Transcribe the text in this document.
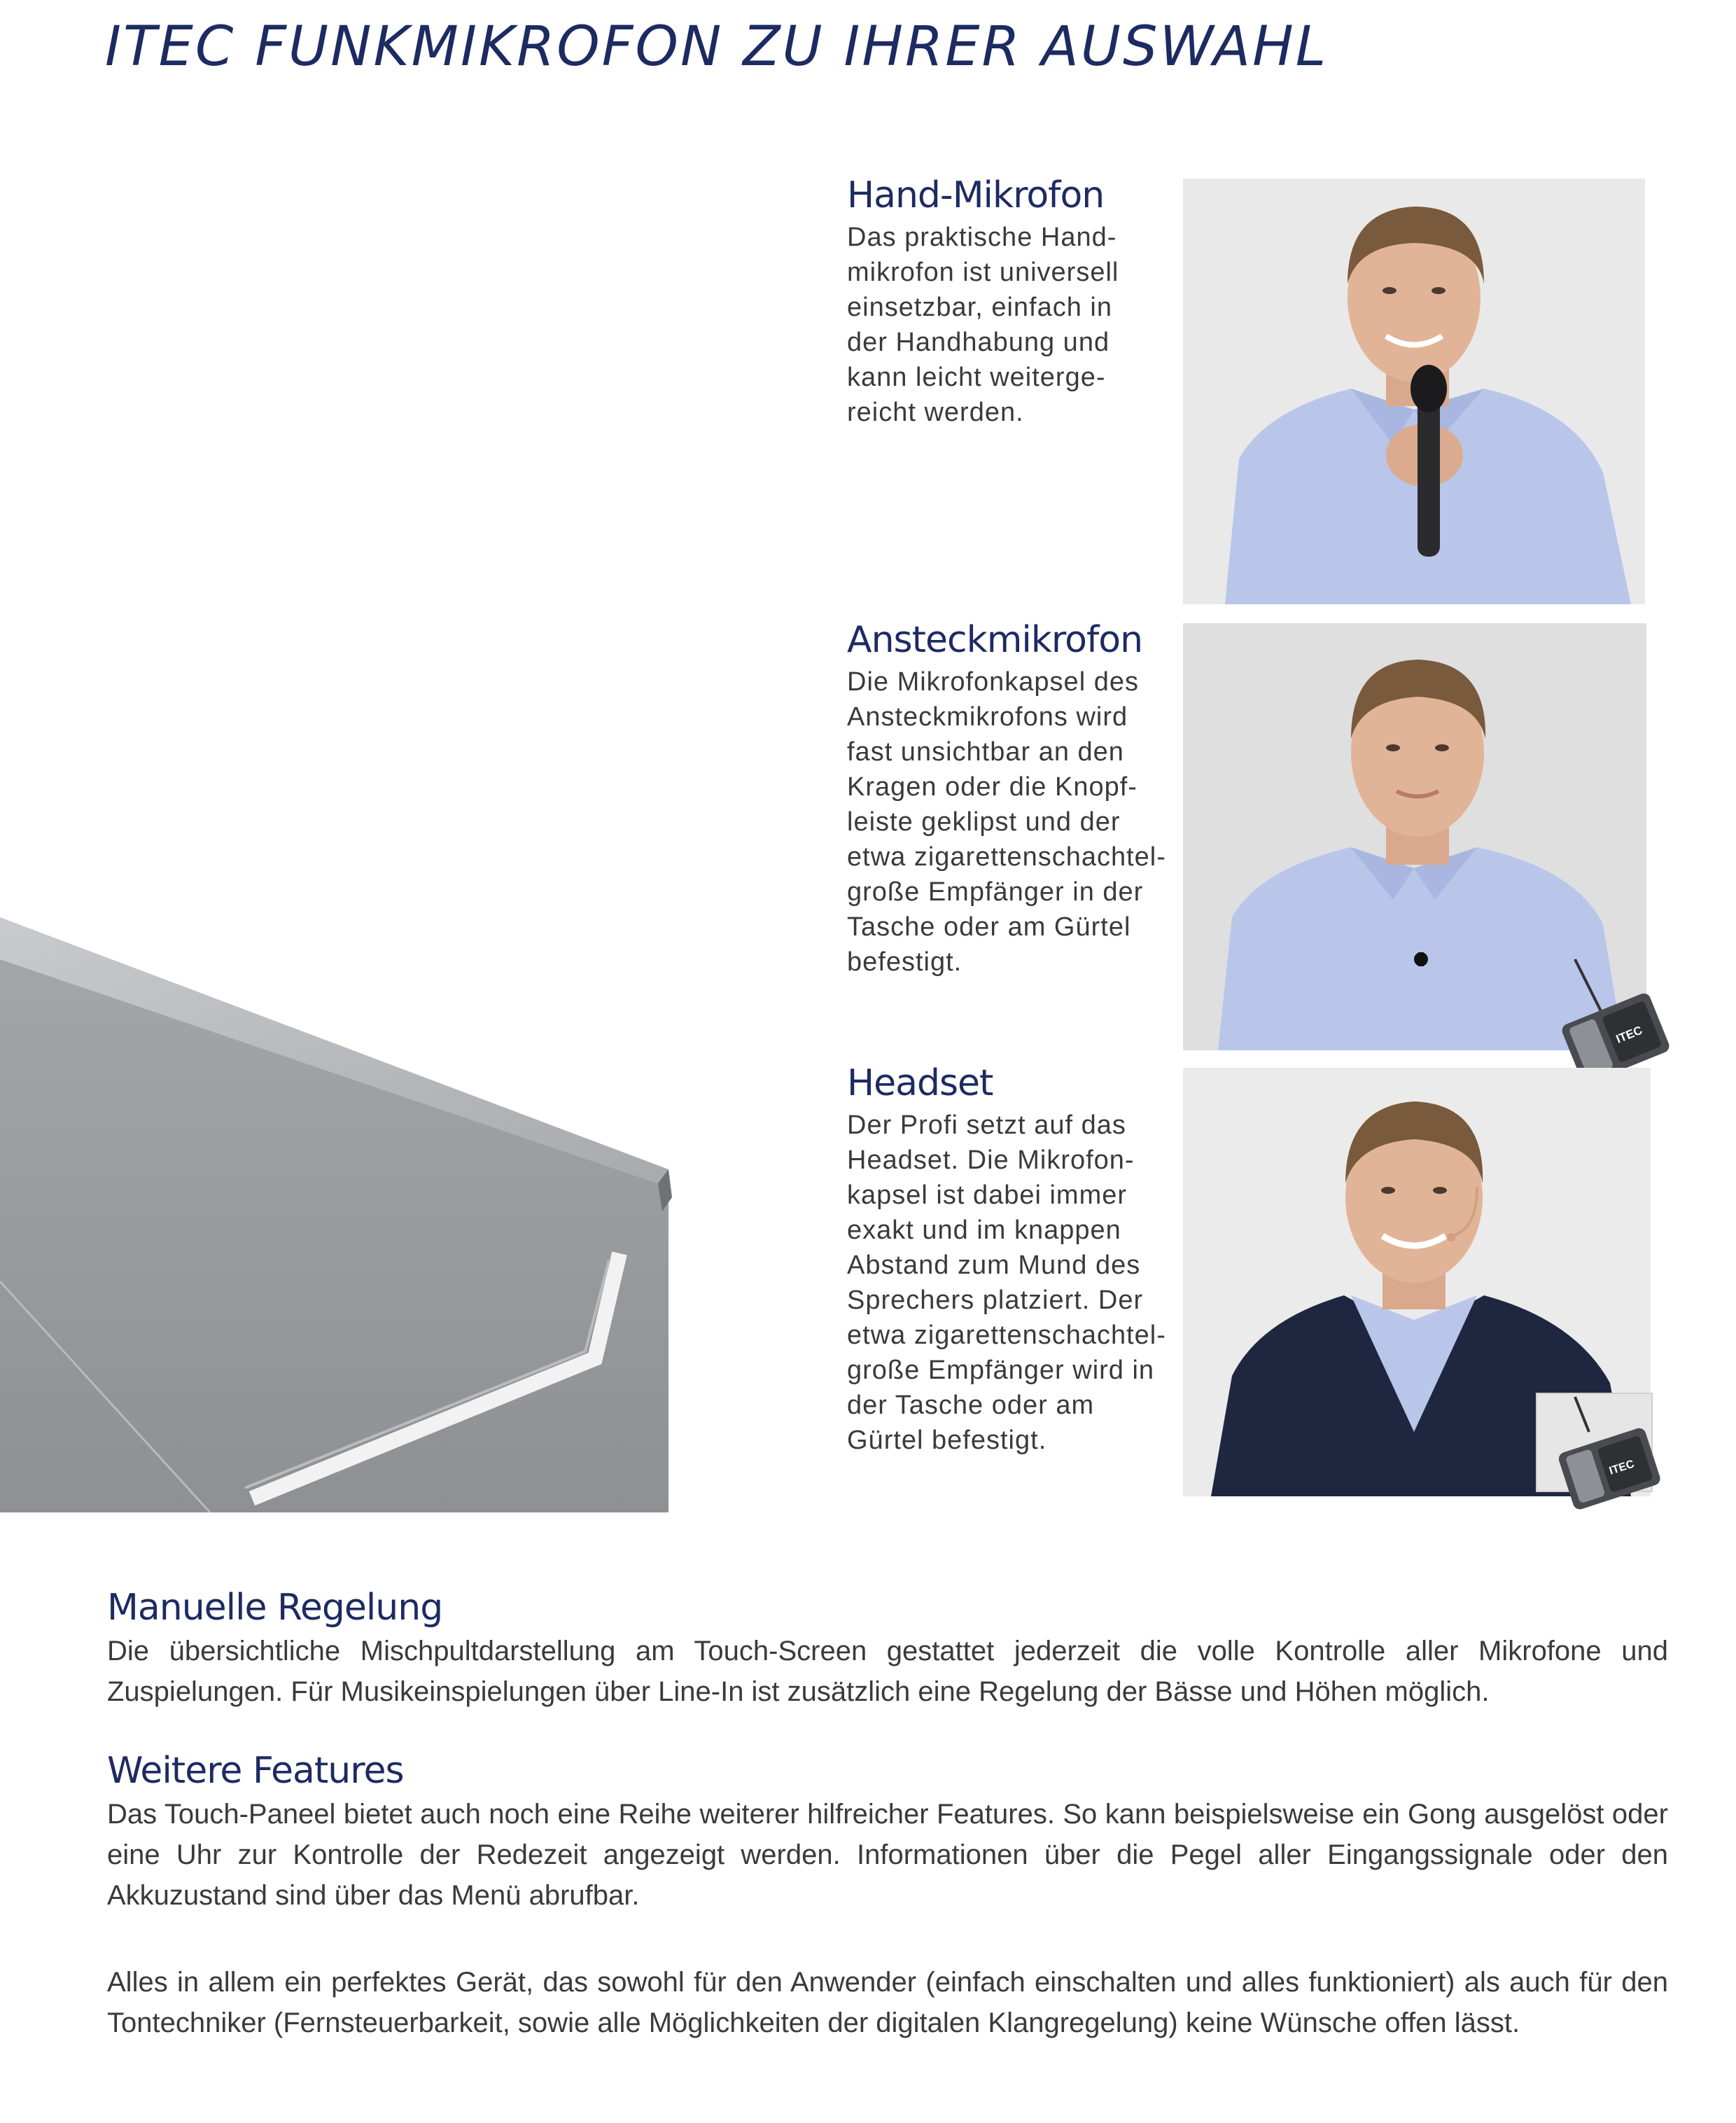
ITEC FUNKMIKROFON ZU IHRER AUSWAHL
Hand-Mikrofon

Das praktische Hand-
mikrofon ist universell
einsetzbar, einfach in
der Handhabung und
kann leicht weiterge-
reicht werden.

Ansteckmikrofon

Die Mikrofonkapsel des
Ansteckmikrofons wird
fast unsichtbar an den
Kragen oder die Knopf-
leiste geklipst und der
etwa zigarettenschachtel-
große Empfänger in der
Tasche oder am Gürtel
befestigt.

Headset

Der Profi setzt auf das
Headset. Die Mikrofon-
kapsel ist dabei immer
exakt und im knappen
Abstand zum Mund des
Sprechers platziert. Der
etwa zigarettenschachtel-
große Empfänger wird in
der Tasche oder am
Gürtel befestigt.

ITEC
ITEC
Manuelle Regelung

Die übersichtliche Mischpultdarstellung am Touch-Screen gestattet jederzeit die volle Kontrolle aller Mikrofone und Zuspielungen. Für Musikeinspielungen über Line-In ist zusätzlich eine Regelung der Bässe und Höhen möglich.

Weitere Features

Das Touch-Paneel bietet auch noch eine Reihe weiterer hilfreicher Features. So kann beispielsweise ein Gong ausgelöst oder eine Uhr zur Kontrolle der Redezeit angezeigt werden. Informationen über die Pegel aller Eingangssignale oder den Akkuzustand sind über das Menü abrufbar.

Alles in allem ein perfektes Gerät, das sowohl für den Anwender (einfach einschalten und alles funktioniert) als auch für den Tontechniker (Fernsteuerbarkeit, sowie alle Möglichkeiten der digitalen Klangregelung) keine Wünsche offen lässt.
